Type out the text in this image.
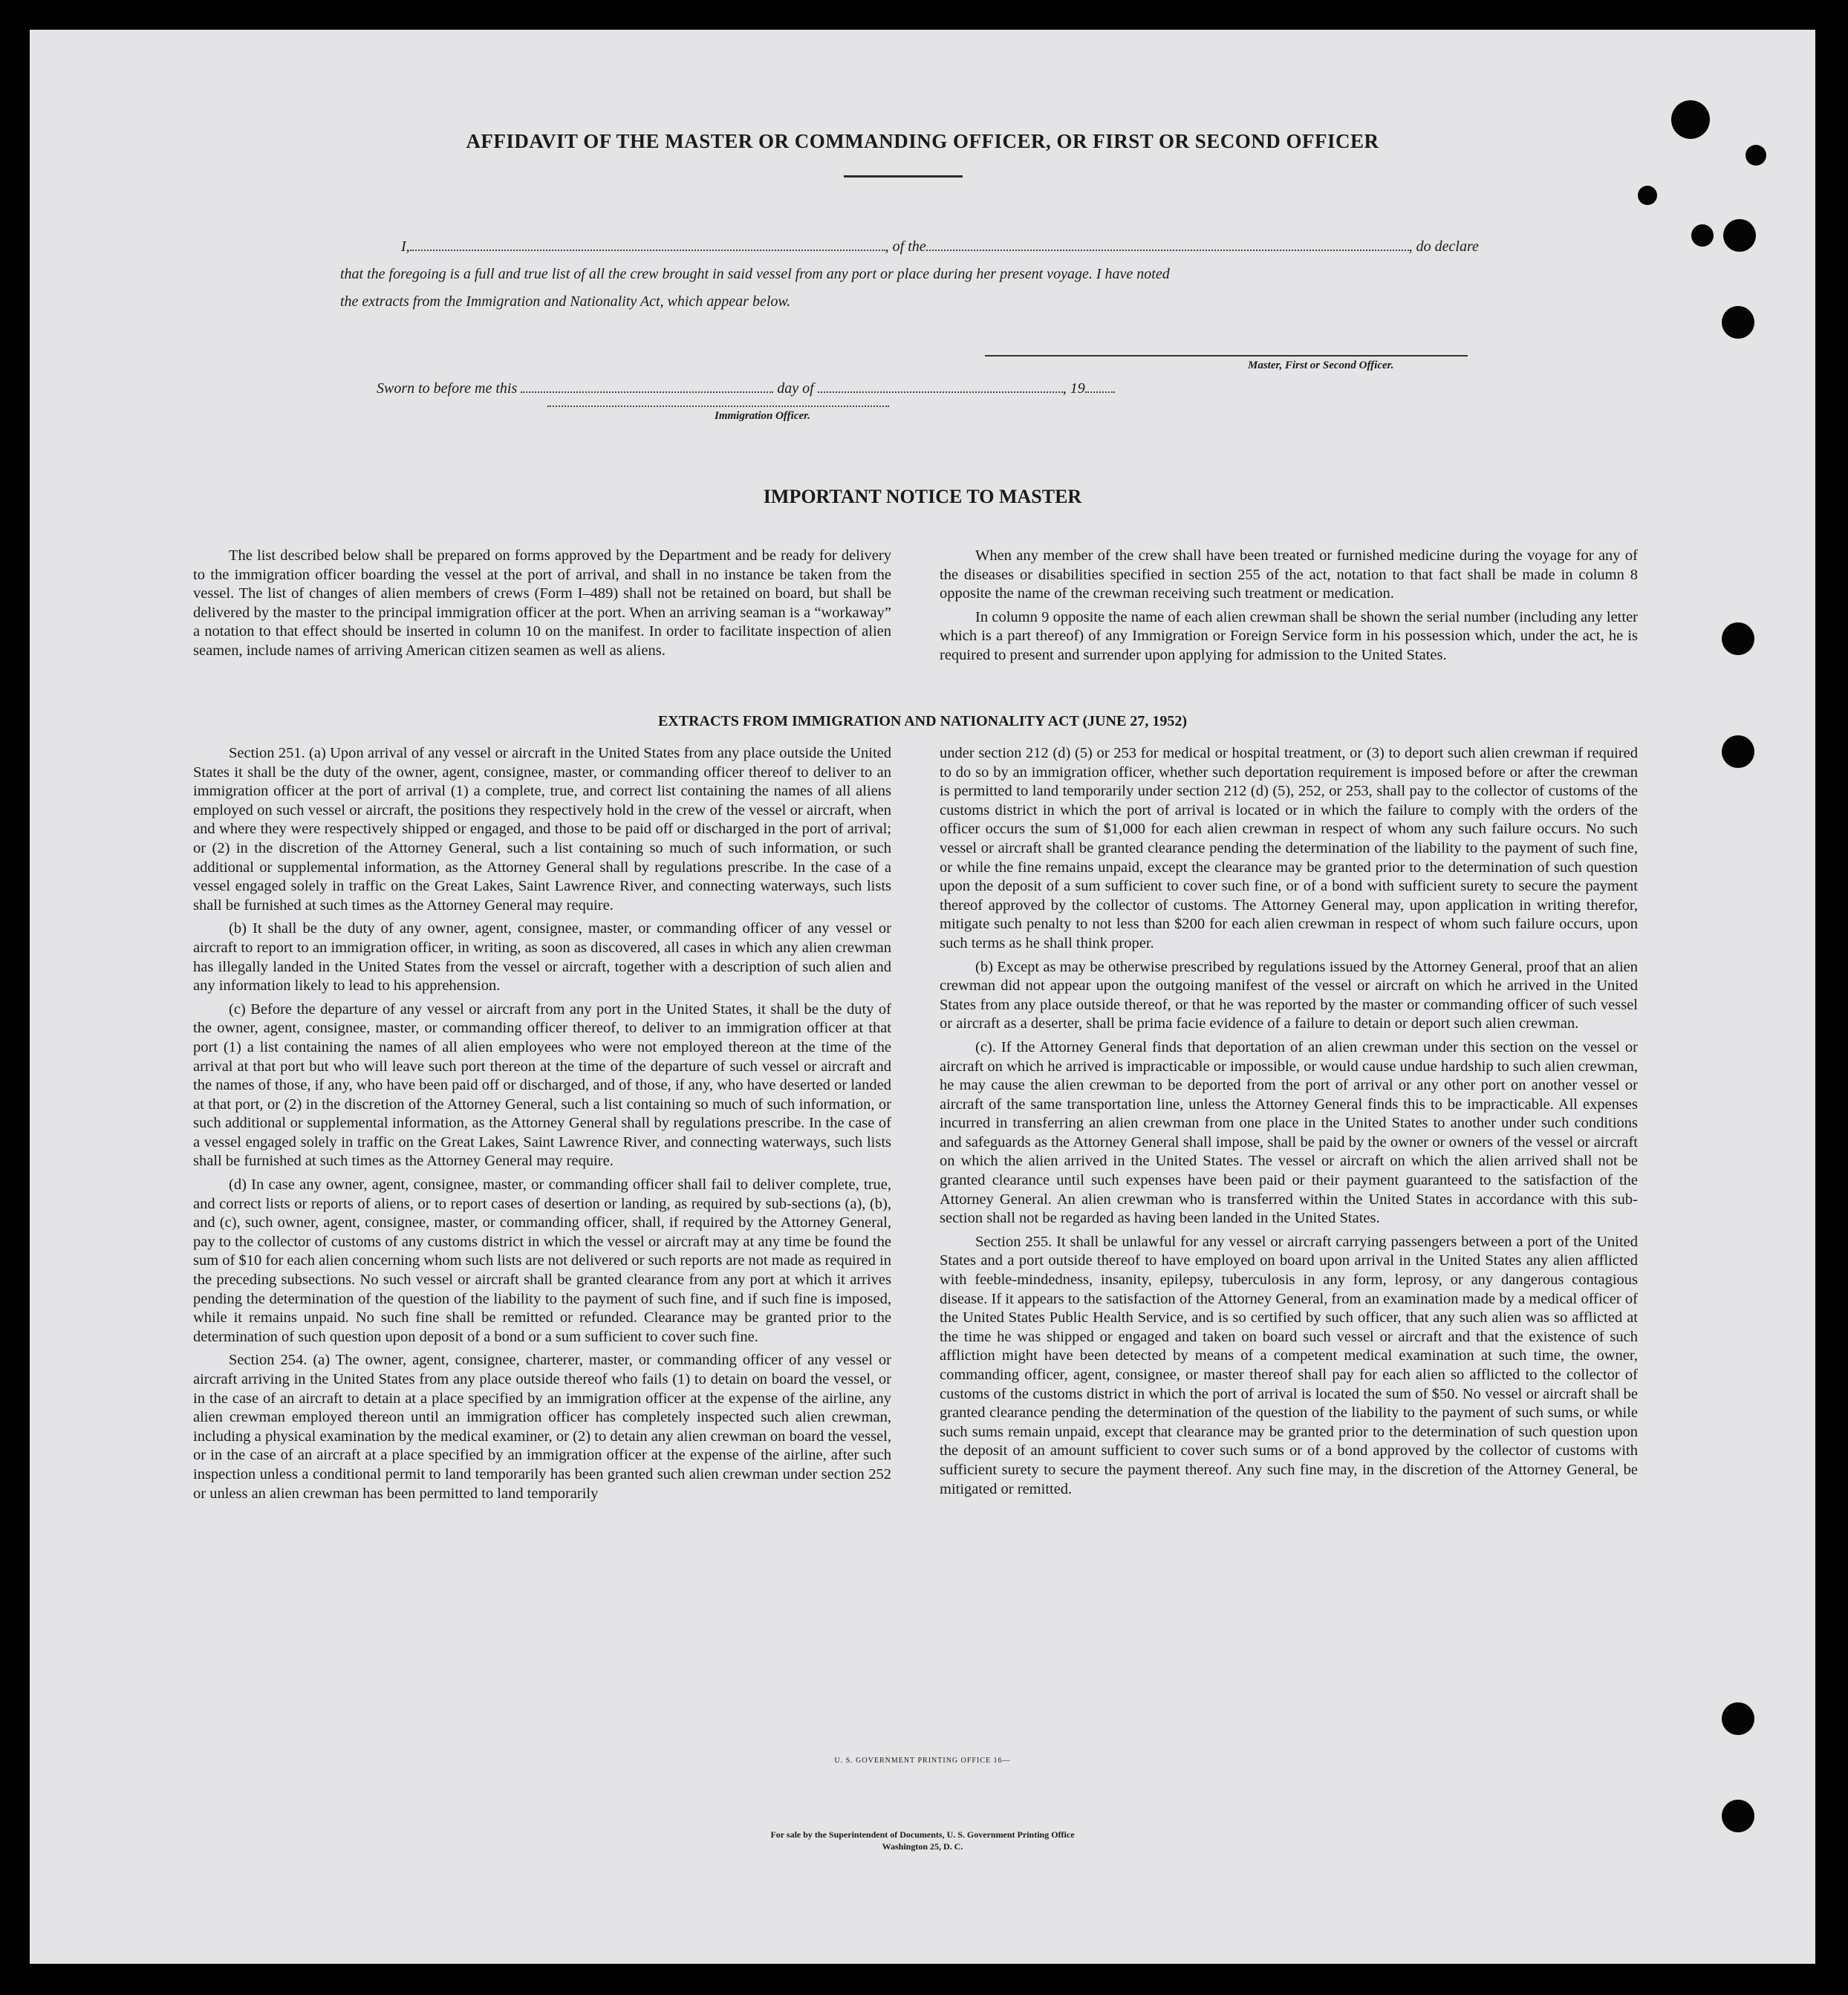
AFFIDAVIT OF THE MASTER OR COMMANDING OFFICER, OR FIRST OR SECOND OFFICER
I,	, of the	, do declare
that the foregoing is a full and true list of all the crew brought in said vessel from any port or place during her present voyage. I have noted
the extracts from the Immigration and Nationality Act, which appear below.
Master, First or Second Officer.
Sworn to before me this	day of	, 19
Immigration Officer.
IMPORTANT NOTICE TO MASTER

The list described below shall be prepared on forms approved by the Department and be ready for delivery to the immigration officer boarding the vessel at the port of arrival, and shall in no instance be taken from the vessel. The list of changes of alien members of crews (Form I–489) shall not be retained on board, but shall be delivered by the master to the principal immigration officer at the port. When an arriving seaman is a “workaway” a notation to that effect should be inserted in column 10 on the manifest. In order to facilitate inspection of alien seamen, include names of arriving American citizen seamen as well as aliens.

When any member of the crew shall have been treated or furnished medicine during the voyage for any of the diseases or disabilities specified in section 255 of the act, notation to that fact shall be made in column 8 opposite the name of the crewman receiving such treatment or medication.

In column 9 opposite the name of each alien crewman shall be shown the serial number (including any letter which is a part thereof) of any Immigration or Foreign Service form in his possession which, under the act, he is required to present and surrender upon applying for admission to the United States.

EXTRACTS FROM IMMIGRATION AND NATIONALITY ACT (JUNE 27, 1952)

Section 251. (a) Upon arrival of any vessel or aircraft in the United States from any place outside the United States it shall be the duty of the owner, agent, consignee, master, or commanding officer thereof to deliver to an immigration officer at the port of arrival (1) a complete, true, and correct list containing the names of all aliens employed on such vessel or aircraft, the positions they respectively hold in the crew of the vessel or aircraft, when and where they were respectively shipped or engaged, and those to be paid off or discharged in the port of arrival; or (2) in the discretion of the Attorney General, such a list containing so much of such information, or such additional or supplemental information, as the Attorney General shall by regulations prescribe. In the case of a vessel engaged solely in traffic on the Great Lakes, Saint Lawrence River, and connecting waterways, such lists shall be furnished at such times as the Attorney General may require.

(b) It shall be the duty of any owner, agent, consignee, master, or commanding officer of any vessel or aircraft to report to an immigration officer, in writing, as soon as discovered, all cases in which any alien crewman has illegally landed in the United States from the vessel or aircraft, together with a description of such alien and any information likely to lead to his apprehension.

(c) Before the departure of any vessel or aircraft from any port in the United States, it shall be the duty of the owner, agent, consignee, master, or commanding officer thereof, to deliver to an immigration officer at that port (1) a list containing the names of all alien employees who were not employed thereon at the time of the arrival at that port but who will leave such port thereon at the time of the departure of such vessel or aircraft and the names of those, if any, who have been paid off or discharged, and of those, if any, who have deserted or landed at that port, or (2) in the discretion of the Attorney General, such a list containing so much of such information, or such additional or supplemental information, as the Attorney General shall by regulations prescribe. In the case of a vessel engaged solely in traffic on the Great Lakes, Saint Lawrence River, and connecting waterways, such lists shall be furnished at such times as the Attorney General may require.

(d) In case any owner, agent, consignee, master, or commanding officer shall fail to deliver complete, true, and correct lists or reports of aliens, or to report cases of desertion or landing, as required by sub-sections (a), (b), and (c), such owner, agent, consignee, master, or commanding officer, shall, if required by the Attorney General, pay to the collector of customs of any customs district in which the vessel or aircraft may at any time be found the sum of $10 for each alien concerning whom such lists are not delivered or such reports are not made as required in the preceding subsections. No such vessel or aircraft shall be granted clearance from any port at which it arrives pending the determination of the question of the liability to the payment of such fine, and if such fine is imposed, while it remains unpaid. No such fine shall be remitted or refunded. Clearance may be granted prior to the determination of such question upon deposit of a bond or a sum sufficient to cover such fine.

Section 254. (a) The owner, agent, consignee, charterer, master, or commanding officer of any vessel or aircraft arriving in the United States from any place outside thereof who fails (1) to detain on board the vessel, or in the case of an aircraft to detain at a place specified by an immigration officer at the expense of the airline, any alien crewman employed thereon until an immigration officer has completely inspected such alien crewman, including a physical examination by the medical examiner, or (2) to detain any alien crewman on board the vessel, or in the case of an aircraft at a place specified by an immigration officer at the expense of the airline, after such inspection unless a conditional permit to land temporarily has been granted such alien crewman under section 252 or unless an alien crewman has been permitted to land temporarily

under section 212 (d) (5) or 253 for medical or hospital treatment, or (3) to deport such alien crewman if required to do so by an immigration officer, whether such deportation requirement is imposed before or after the crewman is permitted to land temporarily under section 212 (d) (5), 252, or 253, shall pay to the collector of customs of the customs district in which the port of arrival is located or in which the failure to comply with the orders of the officer occurs the sum of $1,000 for each alien crewman in respect of whom any such failure occurs. No such vessel or aircraft shall be granted clearance pending the determination of the liability to the payment of such fine, or while the fine remains unpaid, except the clearance may be granted prior to the determination of such question upon the deposit of a sum sufficient to cover such fine, or of a bond with sufficient surety to secure the payment thereof approved by the collector of customs. The Attorney General may, upon application in writing therefor, mitigate such penalty to not less than $200 for each alien crewman in respect of whom such failure occurs, upon such terms as he shall think proper.

(b) Except as may be otherwise prescribed by regulations issued by the Attorney General, proof that an alien crewman did not appear upon the outgoing manifest of the vessel or aircraft on which he arrived in the United States from any place outside thereof, or that he was reported by the master or commanding officer of such vessel or aircraft as a deserter, shall be prima facie evidence of a failure to detain or deport such alien crewman.

(c). If the Attorney General finds that deportation of an alien crewman under this section on the vessel or aircraft on which he arrived is impracticable or impossible, or would cause undue hardship to such alien crewman, he may cause the alien crewman to be deported from the port of arrival or any other port on another vessel or aircraft of the same transportation line, unless the Attorney General finds this to be impracticable. All expenses incurred in transferring an alien crewman from one place in the United States to another under such conditions and safeguards as the Attorney General shall impose, shall be paid by the owner or owners of the vessel or aircraft on which the alien arrived in the United States. The vessel or aircraft on which the alien arrived shall not be granted clearance until such expenses have been paid or their payment guaranteed to the satisfaction of the Attorney General. An alien crewman who is transferred within the United States in accordance with this sub-section shall not be regarded as having been landed in the United States.

Section 255. It shall be unlawful for any vessel or aircraft carrying passengers between a port of the United States and a port outside thereof to have employed on board upon arrival in the United States any alien afflicted with feeble-mindedness, insanity, epilepsy, tuberculosis in any form, leprosy, or any dangerous contagious disease. If it appears to the satisfaction of the Attorney General, from an examination made by a medical officer of the United States Public Health Service, and is so certified by such officer, that any such alien was so afflicted at the time he was shipped or engaged and taken on board such vessel or aircraft and that the existence of such affliction might have been detected by means of a competent medical examination at such time, the owner, commanding officer, agent, consignee, or master thereof shall pay for each alien so afflicted to the collector of customs of the customs district in which the port of arrival is located the sum of $50. No vessel or aircraft shall be granted clearance pending the determination of the question of the liability to the payment of such sums, or while such sums remain unpaid, except that clearance may be granted prior to the determination of such question upon the deposit of an amount sufficient to cover such sums or of a bond approved by the collector of customs with sufficient surety to secure the payment thereof. Any such fine may, in the discretion of the Attorney General, be mitigated or remitted.

U. S. GOVERNMENT PRINTING OFFICE 16—
For sale by the Superintendent of Documents, U. S. Government Printing Office
Washington 25, D. C.
